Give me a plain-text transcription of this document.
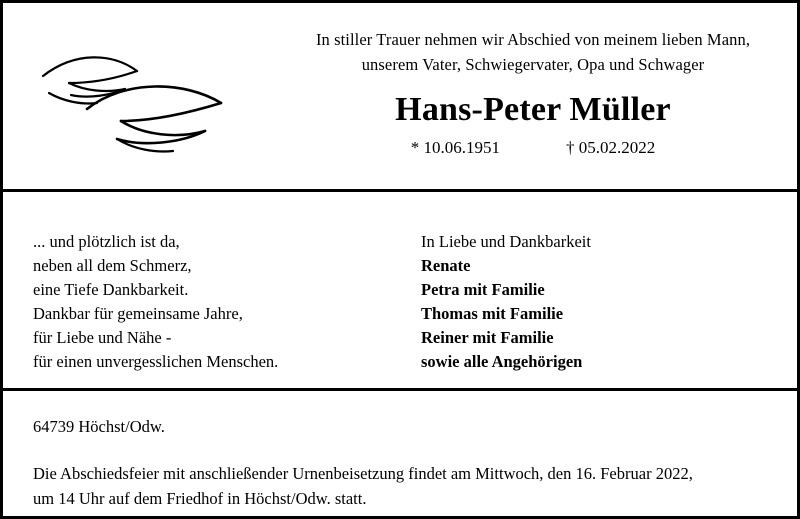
In stiller Trauer nehmen wir Abschied von meinem lieben Mann,
unserem Vater, Schwiegervater, Opa und Schwager
Hans-Peter Müller
* 10.06.1951	† 05.02.2022
... und plötzlich ist da,
neben all dem Schmerz,
eine Tiefe Dankbarkeit.
Dankbar für gemeinsame Jahre,
für Liebe und Nähe -
für einen unvergesslichen Menschen.
In Liebe und Dankbarkeit
Renate
Petra mit Familie
Thomas mit Familie
Reiner mit Familie
sowie alle Angehörigen
64739 Höchst/Odw.
Die Abschiedsfeier mit anschließender Urnenbeisetzung findet am Mittwoch, den 16. Februar 2022,
um 14 Uhr auf dem Friedhof in Höchst/Odw. statt.
